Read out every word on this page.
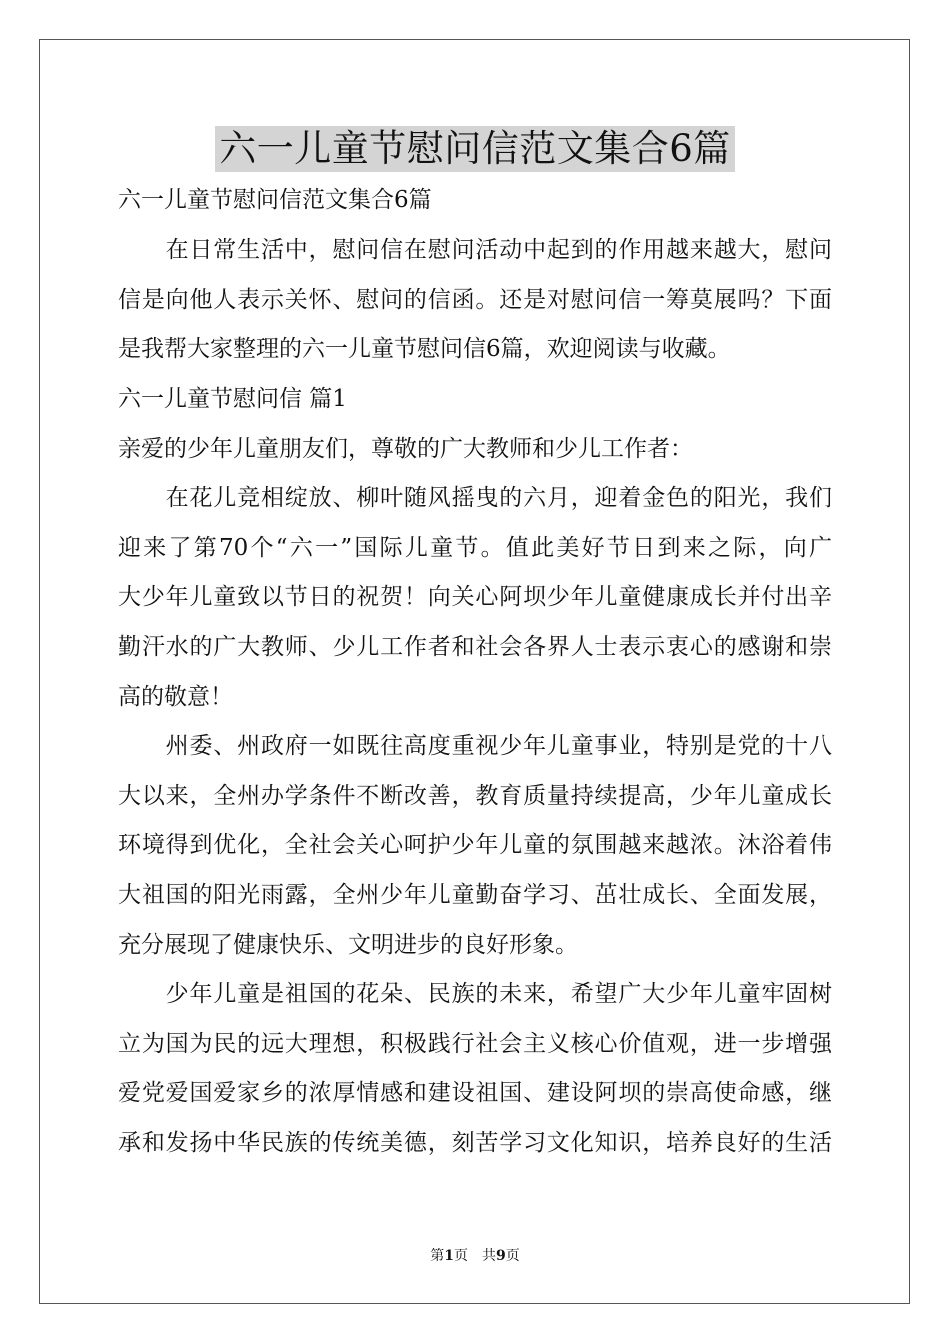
六一儿童节慰问信范文集合6篇
六一儿童节慰问信范文集合6篇
　　在日常生活中，慰问信在慰问活动中起到的作用越来越大，慰问
信是向他人表示关怀、慰问的信函。还是对慰问信一筹莫展吗？下面
是我帮大家整理的六一儿童节慰问信6篇，欢迎阅读与收藏。
六一儿童节慰问信 篇1
亲爱的少年儿童朋友们，尊敬的广大教师和少儿工作者：
　　在花儿竞相绽放、柳叶随风摇曳的六月，迎着金色的阳光，我们
迎来了第70个“六一”国际儿童节。值此美好节日到来之际，向广
大少年儿童致以节日的祝贺！向关心阿坝少年儿童健康成长并付出辛
勤汗水的广大教师、少儿工作者和社会各界人士表示衷心的感谢和崇
高的敬意！
　　州委、州政府一如既往高度重视少年儿童事业，特别是党的十八
大以来，全州办学条件不断改善，教育质量持续提高，少年儿童成长
环境得到优化，全社会关心呵护少年儿童的氛围越来越浓。沐浴着伟
大祖国的阳光雨露，全州少年儿童勤奋学习、茁壮成长、全面发展，
充分展现了健康快乐、文明进步的良好形象。
　　少年儿童是祖国的花朵、民族的未来，希望广大少年儿童牢固树
立为国为民的远大理想，积极践行社会主义核心价值观，进一步增强
爱党爱国爱家乡的浓厚情感和建设祖国、建设阿坝的崇高使命感，继
承和发扬中华民族的传统美德，刻苦学习文化知识，培养良好的生活
第1页　共9页
